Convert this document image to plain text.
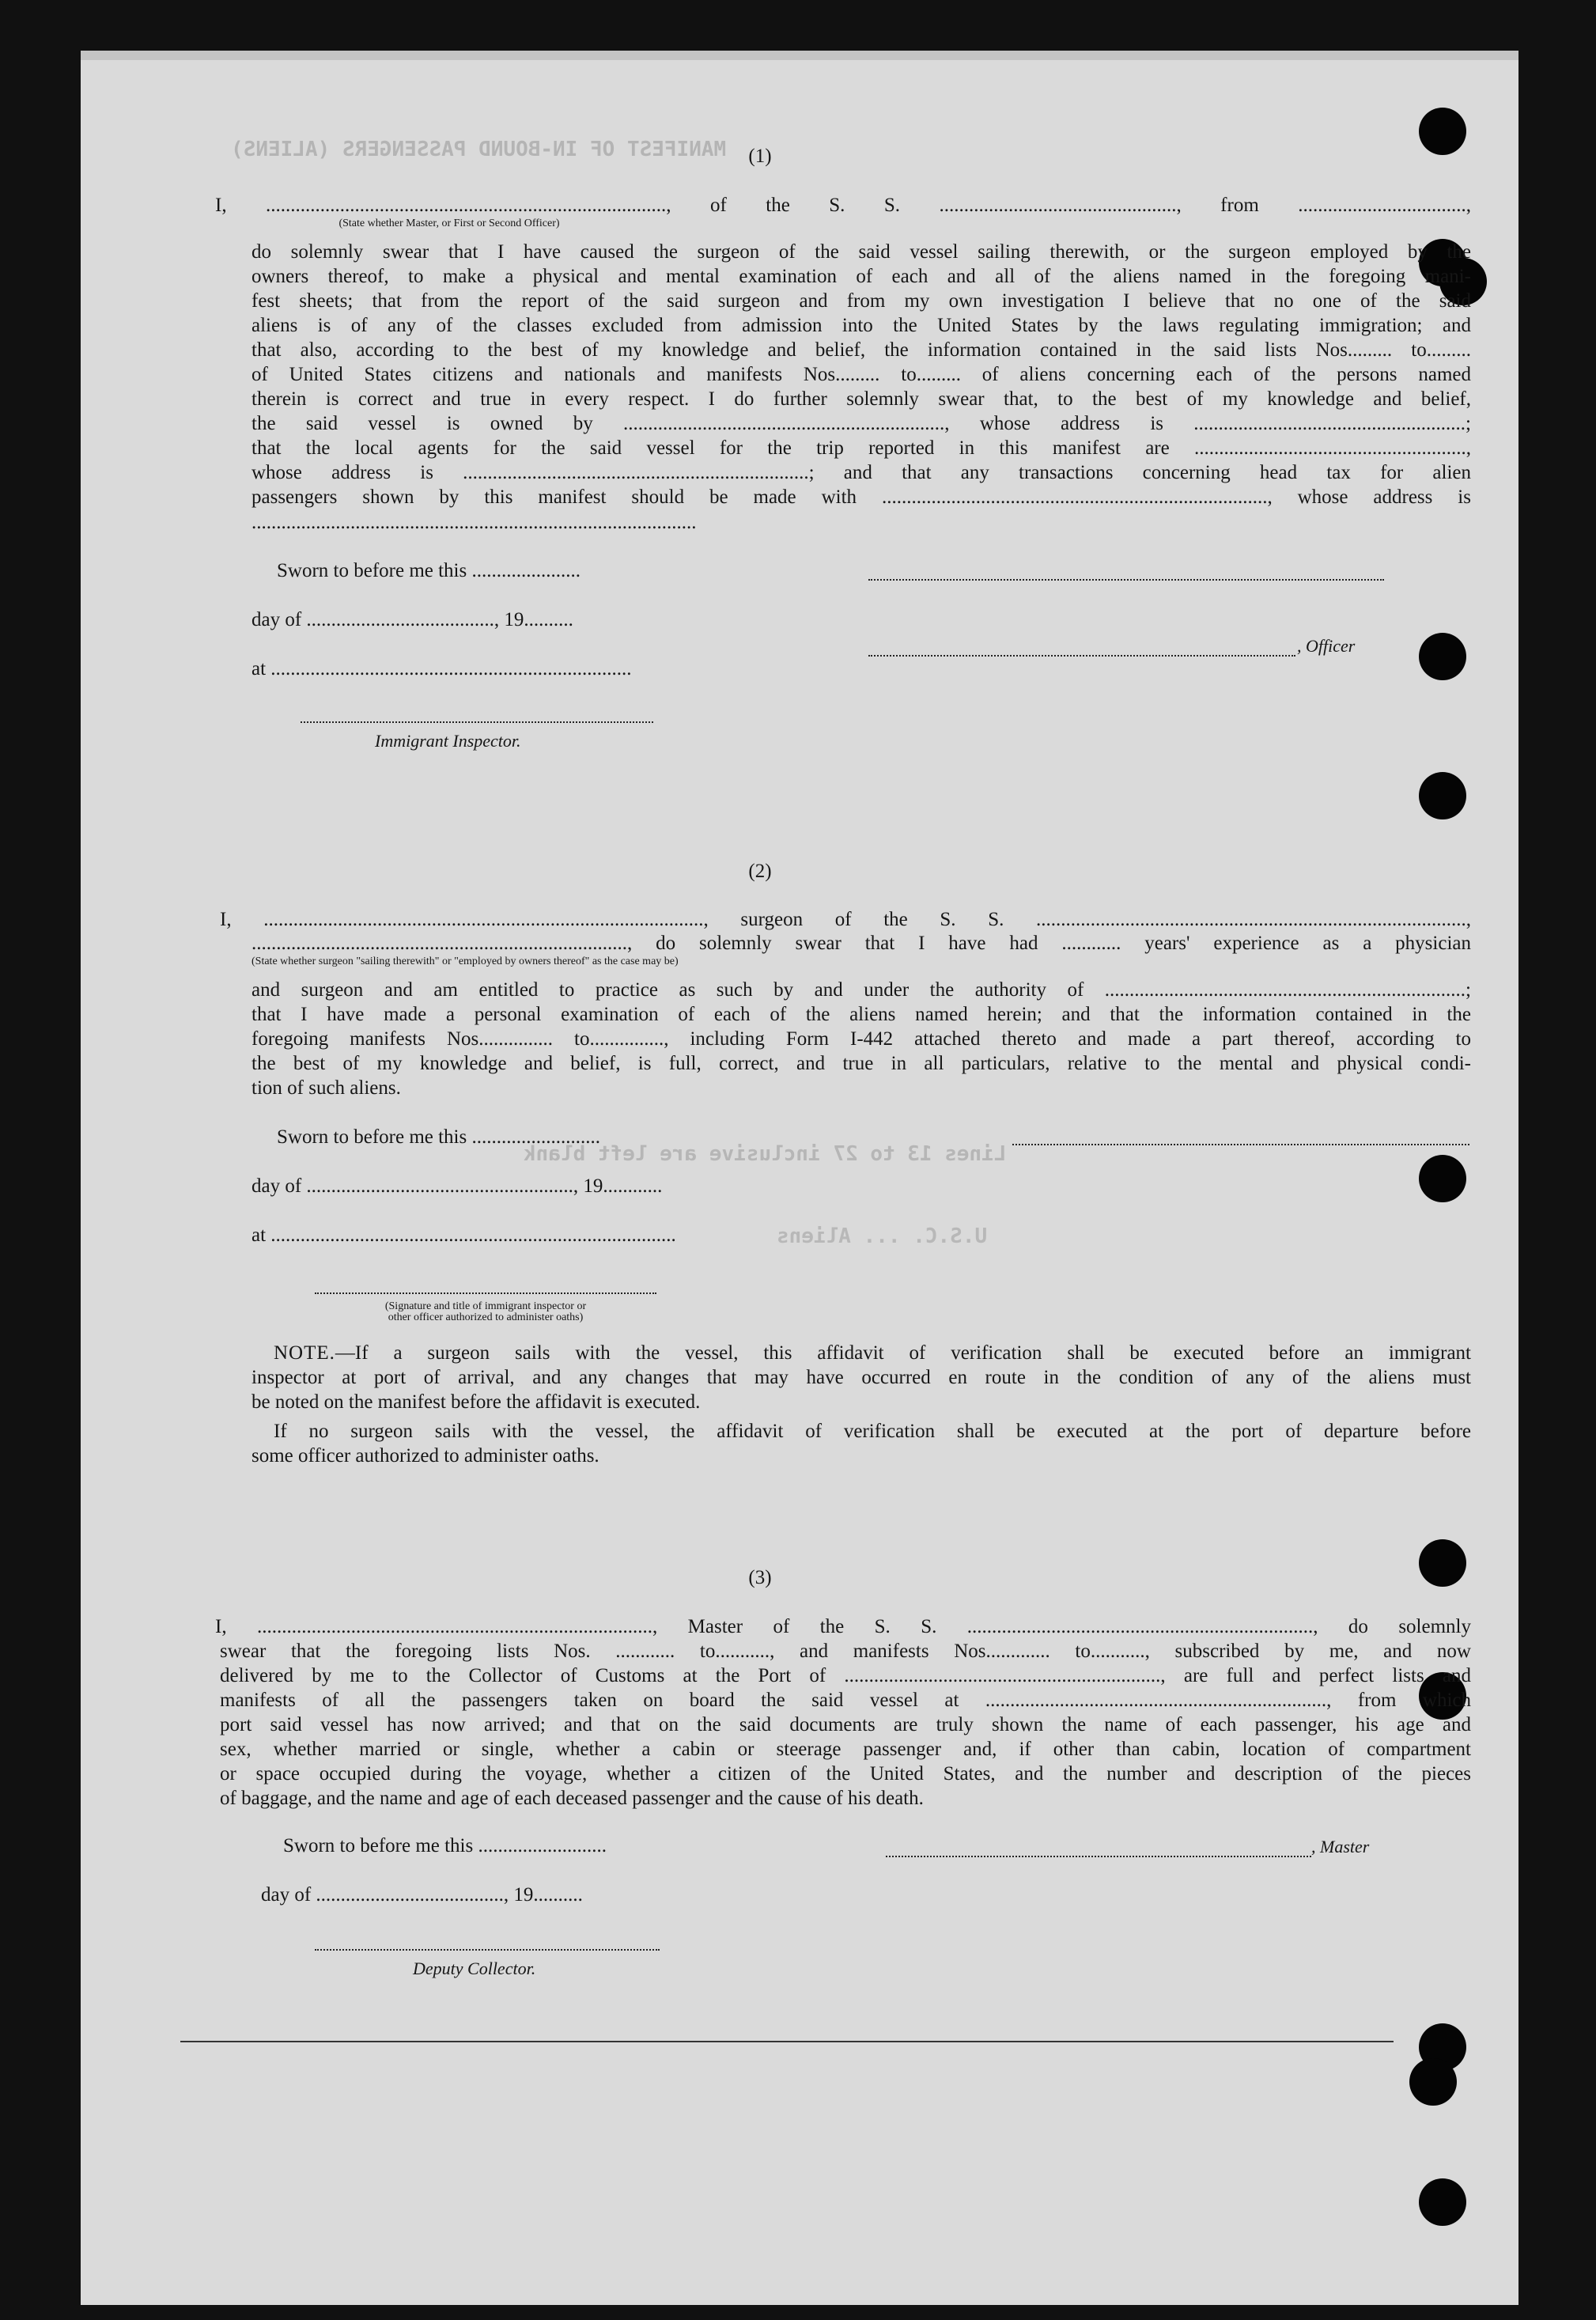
MANIFEST OF IN-BOUND PASSENGERS (ALIENS)
Lines 13 to 27 inclusive are left blank
U.S.C. ... Aliens
(1)
I, ................................................................................., of the S. S. ................................................, from ..................................,
(State whether Master, or First or Second Officer)
do solemnly swear that I have caused the surgeon of the said vessel sailing therewith, or the surgeon employed by the
owners thereof, to make a physical and mental examination of each and all of the aliens named in the foregoing mani-
fest sheets; that from the report of the said surgeon and from my own investigation I believe that no one of the said
aliens is of any of the classes excluded from admission into the United States by the laws regulating immigration; and
that also, according to the best of my knowledge and belief, the information contained in the said lists Nos......... to.........
of United States citizens and nationals and manifests Nos......... to......... of aliens concerning each of the persons named
therein is correct and true in every respect. I do further solemnly swear that, to the best of my knowledge and belief,
the said vessel is owned by ................................................................., whose address is .......................................................;
that the local agents for the said vessel for the trip reported in this manifest are .......................................................,
whose address is ......................................................................; and that any transactions concerning head tax for alien
passengers shown by this manifest should be made with .............................................................................., whose address is
..........................................................................................
Sworn to before me this ......................
day of ......................................, 19..........
at .........................................................................
Immigrant Inspector.
, Officer
(2)
I, ........................................................................................., surgeon of the S. S. .......................................................................................,
............................................................................, do solemnly swear that I have had ............ years' experience as a physician
(State whether surgeon "sailing therewith" or "employed by owners thereof" as the case may be)
and surgeon and am entitled to practice as such by and under the authority of .........................................................................;
that I have made a personal examination of each of the aliens named herein; and that the information contained in the
foregoing manifests Nos............... to..............., including Form I-442 attached thereto and made a part thereof, according to
the best of my knowledge and belief, is full, correct, and true in all particulars, relative to the mental and physical condi-
tion of such aliens.
Sworn to before me this ..........................
day of ......................................................, 19............
at ..................................................................................
(Signature and title of immigrant inspector or
other officer authorized to administer oaths)
NOTE.—If a surgeon sails with the vessel, this affidavit of verification shall be executed before an immigrant
inspector at port of arrival, and any changes that may have occurred en route in the condition of any of the aliens must
be noted on the manifest before the affidavit is executed.
If no surgeon sails with the vessel, the affidavit of verification shall be executed at the port of departure before
some officer authorized to administer oaths.
(3)
I, ................................................................................, Master of the S. S. ......................................................................, do solemnly
swear that the foregoing lists Nos. ............ to..........., and manifests Nos............. to..........., subscribed by me, and now
delivered by me to the Collector of Customs at the Port of ................................................................, are full and perfect lists and
manifests of all the passengers taken on board the said vessel at ....................................................................., from which
port said vessel has now arrived; and that on the said documents are truly shown the name of each passenger, his age and
sex, whether married or single, whether a cabin or steerage passenger and, if other than cabin, location of compartment
or space occupied during the voyage, whether a citizen of the United States, and the number and description of the pieces
of baggage, and the name and age of each deceased passenger and the cause of his death.
Sworn to before me this ..........................
day of ......................................, 19..........
Deputy Collector.
, Master
